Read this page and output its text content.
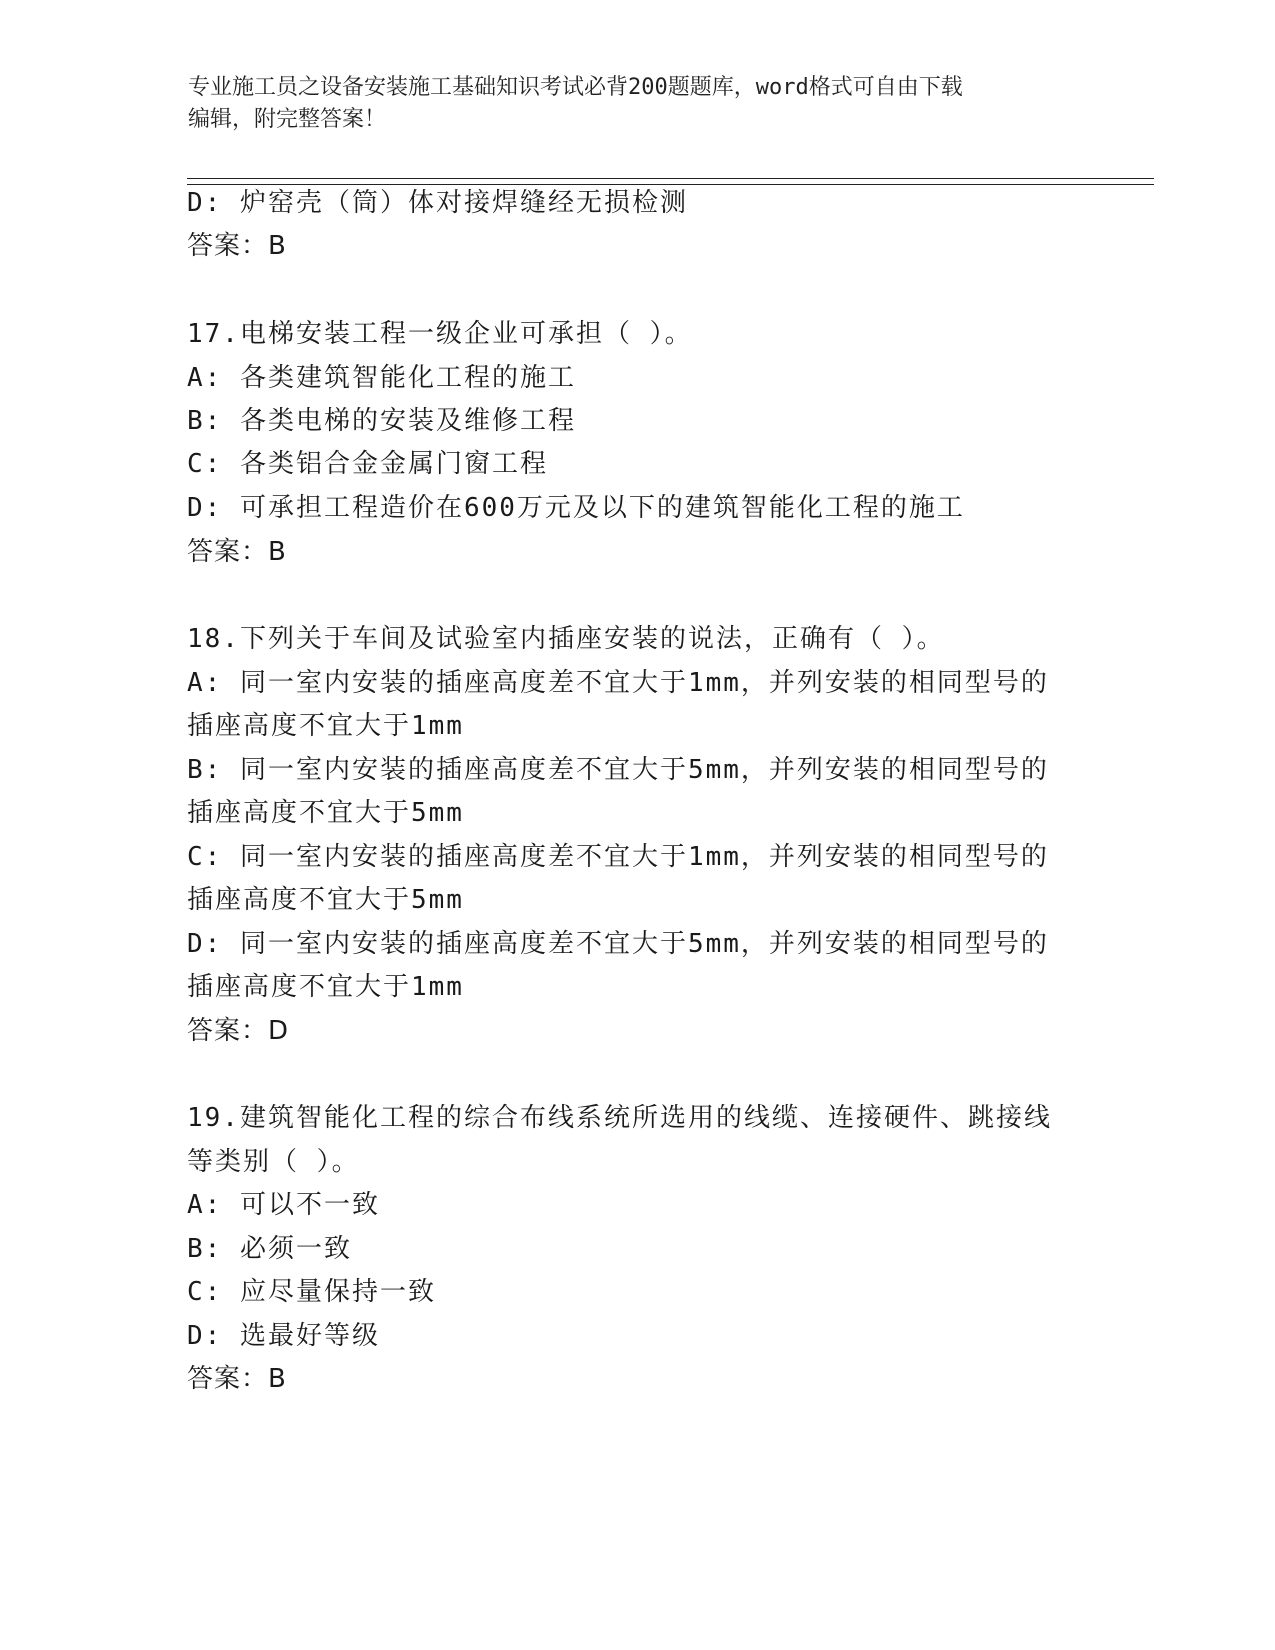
专业施工员之设备安装施工基础知识考试必背200题题库，word格式可自由下载
编辑，附完整答案！

D: 炉窑壳（筒）体对接焊缝经无损检测

答案：B

17.电梯安装工程一级企业可承担（ ）。

A: 各类建筑智能化工程的施工

B: 各类电梯的安装及维修工程

C: 各类铝合金金属门窗工程

D: 可承担工程造价在600万元及以下的建筑智能化工程的施工

答案：B

18.下列关于车间及试验室内插座安装的说法，正确有（ ）。

A: 同一室内安装的插座高度差不宜大于1mm，并列安装的相同型号的

插座高度不宜大于1mm

B: 同一室内安装的插座高度差不宜大于5mm，并列安装的相同型号的

插座高度不宜大于5mm

C: 同一室内安装的插座高度差不宜大于1mm，并列安装的相同型号的

插座高度不宜大于5mm

D: 同一室内安装的插座高度差不宜大于5mm，并列安装的相同型号的

插座高度不宜大于1mm

答案：D

19.建筑智能化工程的综合布线系统所选用的线缆、连接硬件、跳接线

等类别（ ）。

A: 可以不一致

B: 必须一致

C: 应尽量保持一致

D: 选最好等级

答案：B
